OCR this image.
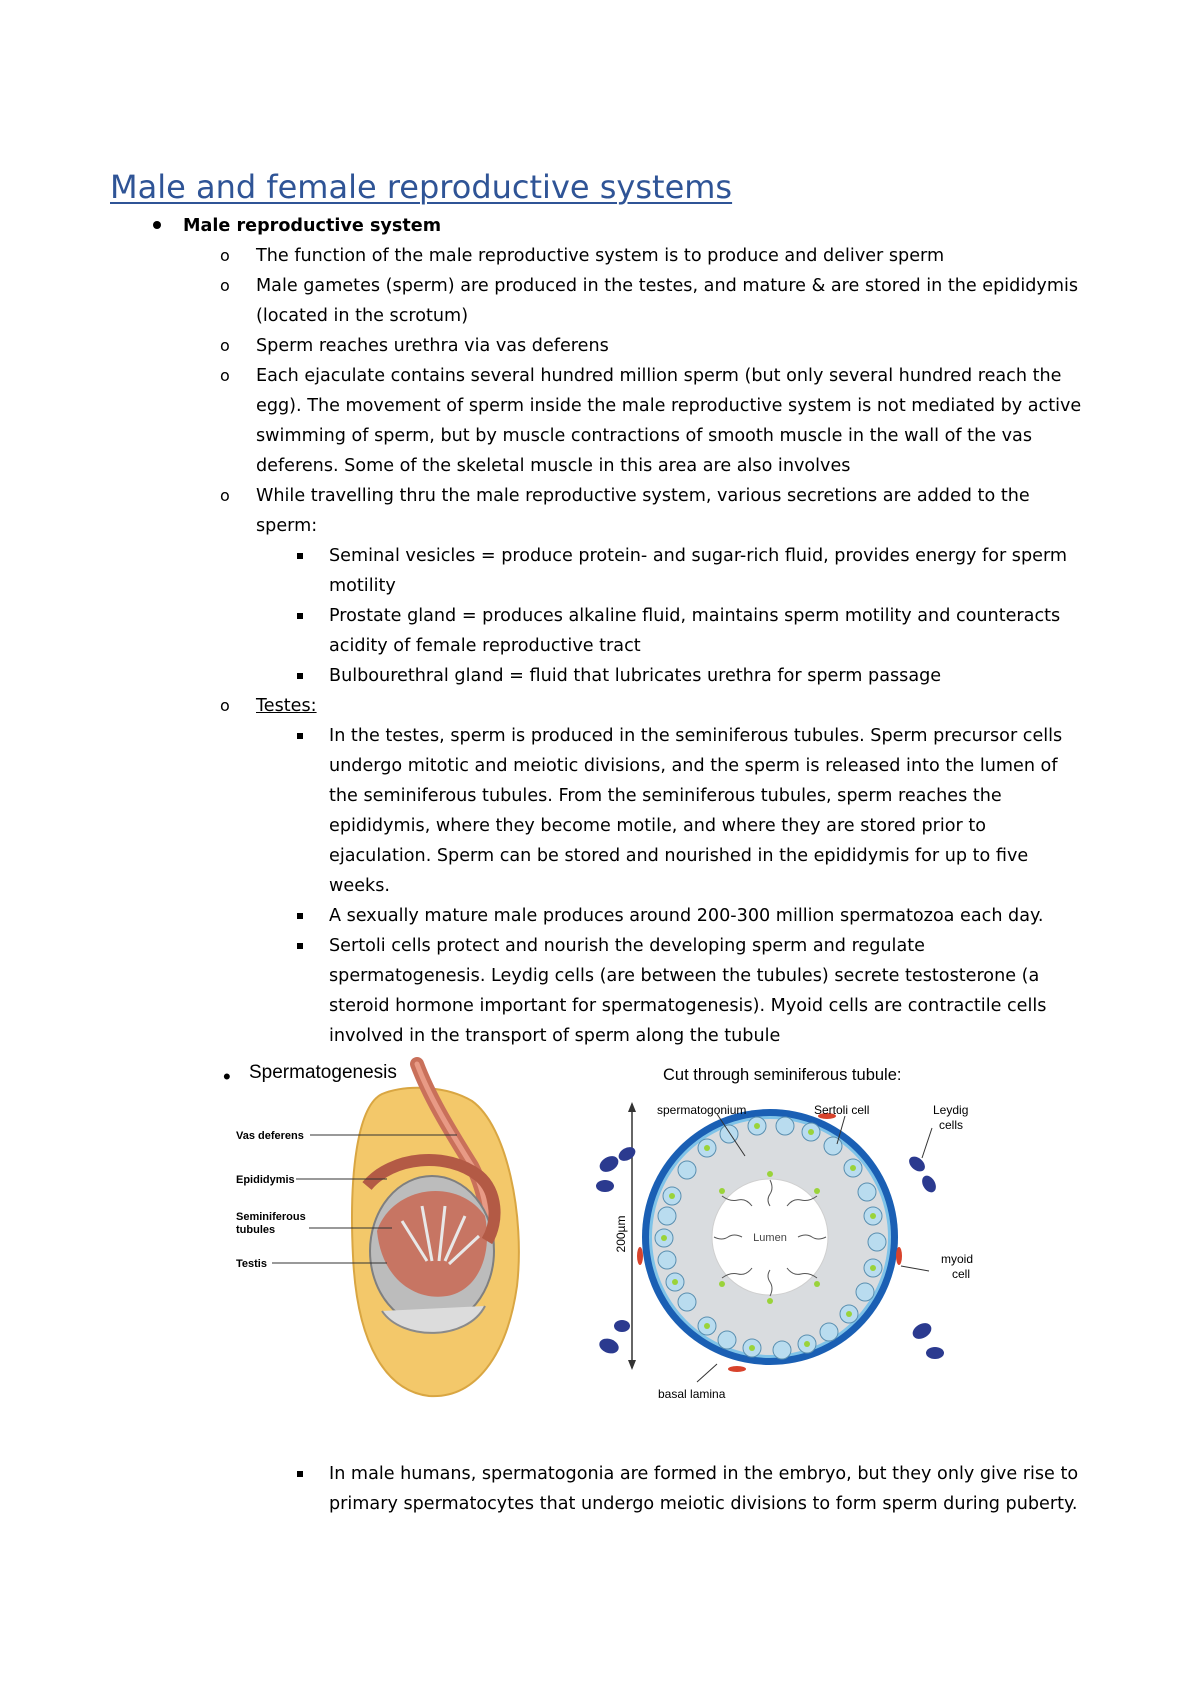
Male and female reproductive systems
Male reproductive system
o The function of the male reproductive system is to produce and deliver sperm
o Male gametes (sperm) are produced in the testes, and mature & are stored in the epididymis
(located in the scrotum)
o Sperm reaches urethra via vas deferens
o Each ejaculate contains several hundred million sperm (but only several hundred reach the
egg). The movement of sperm inside the male reproductive system is not mediated by active
swimming of sperm, but by muscle contractions of smooth muscle in the wall of the vas
deferens. Some of the skeletal muscle in this area are also involves
o While travelling thru the male reproductive system, various secretions are added to the
sperm:
Seminal vesicles = produce protein- and sugar-rich fluid, provides energy for sperm
motility
Prostate gland = produces alkaline fluid, maintains sperm motility and counteracts
acidity of female reproductive tract
Bulbourethral gland = fluid that lubricates urethra for sperm passage
o Testes:
In the testes, sperm is produced in the seminiferous tubules. Sperm precursor cells
undergo mitotic and meiotic divisions, and the sperm is released into the lumen of
the seminiferous tubules. From the seminiferous tubules, sperm reaches the
epididymis, where they become motile, and where they are stored prior to
ejaculation. Sperm can be stored and nourished in the epididymis for up to five
weeks.
A sexually mature male produces around 200-300 million spermatozoa each day.
Sertoli cells protect and nourish the developing sperm and regulate
spermatogenesis. Leydig cells (are between the tubules) secrete testosterone (a
steroid hormone important for spermatogenesis). Myoid cells are contractile cells
involved in the transport of sperm along the tubule
• Spermatogenesis	Cut through seminiferous tubule:
Vas deferens
Epididymis
Seminiferous
tubules
Testis
200µm	Lumen
spermatogonium	Sertoli cell	Leydig
cells
myoid
cell
basal lamina
In male humans, spermatogonia are formed in the embryo, but they only give rise to
primary spermatocytes that undergo meiotic divisions to form sperm during puberty.
